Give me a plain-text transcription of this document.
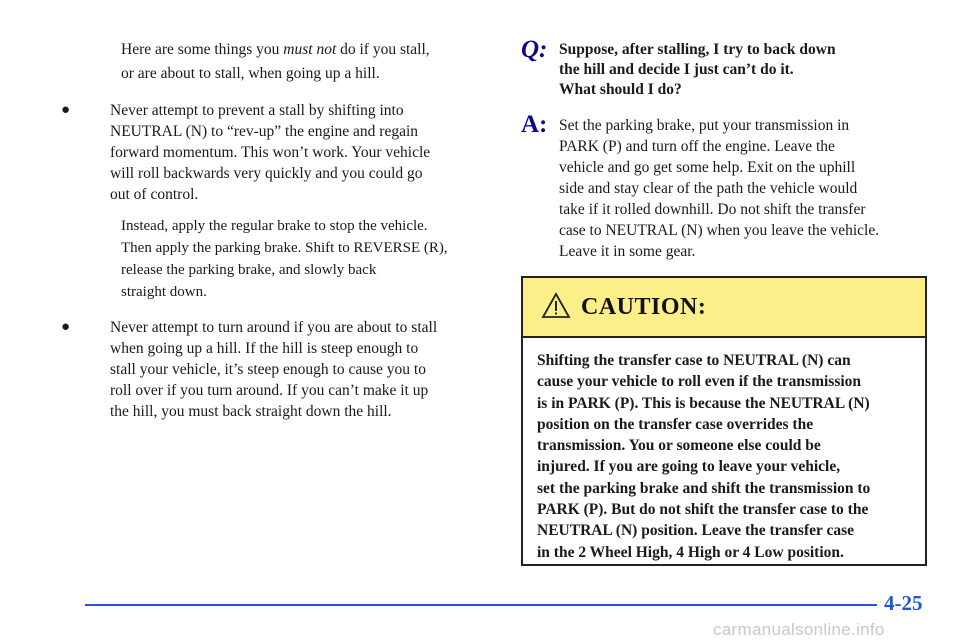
Here are some things you must not do if you stall,
or are about to stall, when going up a hill.
●	Never attempt to prevent a stall by shifting into
NEUTRAL (N) to “rev-up” the engine and regain
forward momentum. This won’t work. Your vehicle
will roll backwards very quickly and you could go
out of control.
Instead, apply the regular brake to stop the vehicle.
Then apply the parking brake. Shift to REVERSE (R),
release the parking brake, and slowly back
straight down.
●	Never attempt to turn around if you are about to stall
when going up a hill. If the hill is steep enough to
stall your vehicle, it’s steep enough to cause you to
roll over if you turn around. If you can’t make it up
the hill, you must back straight down the hill.
Q: Suppose, after stalling, I try to back down
the hill and decide I just can’t do it.
What should I do?
A: Set the parking brake, put your transmission in
PARK (P) and turn off the engine. Leave the
vehicle and go get some help. Exit on the uphill
side and stay clear of the path the vehicle would
take if it rolled downhill. Do not shift the transfer
case to NEUTRAL (N) when you leave the vehicle.
Leave it in some gear.
CAUTION:
Shifting the transfer case to NEUTRAL (N) can
cause your vehicle to roll even if the transmission
is in PARK (P). This is because the NEUTRAL (N)
position on the transfer case overrides the
transmission. You or someone else could be
injured. If you are going to leave your vehicle,
set the parking brake and shift the transmission to
PARK (P). But do not shift the transfer case to the
NEUTRAL (N) position. Leave the transfer case
in the 2 Wheel High, 4 High or 4 Low position.
4-25
carmanualsonline.info
